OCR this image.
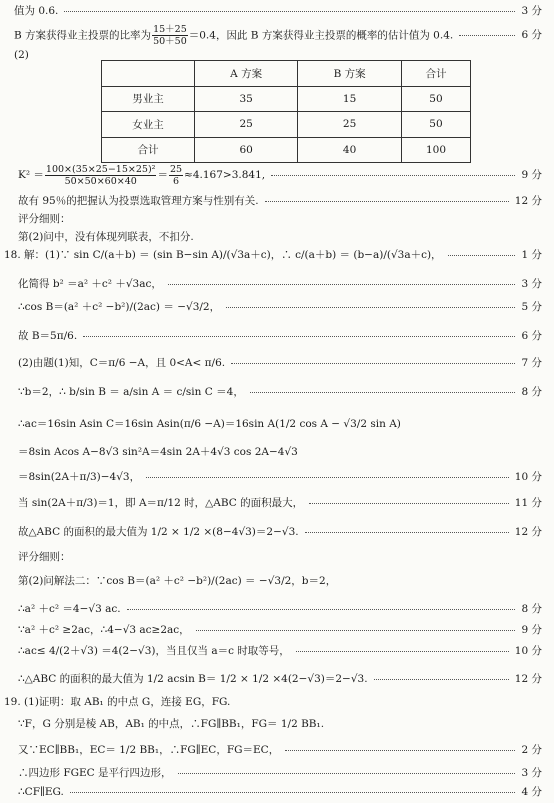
值为 0.6.	3 分
B 方案获得业主投票的比率为 $\frac{15+25}{50+50} =0.4$，因此 B 方案获得业主投票的概率的估计值为 0.4.	6 分
(2)
	A 方案	B 方案	合计
男业主	35	15	50
女业主	25	25	50
合计	60	40	100
$K^2 = \frac{\text{100×(35×25−15×25)²}}{50\times 50\times 60\times 40} = \frac{25}{6} \approx 4.167>3.841$,	9 分
故有 95％的把握认为投票选取管理方案与性别有关.	12 分
评分细则：
第(2)问中，没有体现列联表，不扣分.
18. 解：(1)∵ sin C/(a＋b) ＝ (sin B−sin A)/(√3a＋c)，∴ c/(a＋b) ＝ (b−a)/(√3a＋c)，	1 分
化简得 b² ＝a² ＋c² ＋√3ac，	3 分
∴cos B＝(a² ＋c² −b²)/(2ac) ＝ −√3/2，	5 分
故 B＝5π/6.	6 分
(2)由题(1)知，C＝π/6 −A，且 0<A< π/6.	7 分
∵b＝2，∴ b/sin B ＝ a/sin A ＝ c/sin C ＝4，	8 分
∴ac＝16sin Asin C＝16sin Asin(π/6 −A)＝16sin A(1/2 cos A − √3/2 sin A)
＝8sin Acos A−8√3 sin²A＝4sin 2A＋4√3 cos 2A−4√3
＝8sin(2A＋π/3)−4√3，	10 分
当 sin(2A＋π/3)＝1，即 A＝π/12 时，△ABC 的面积最大，	11 分
故△ABC 的面积的最大值为 1/2 × 1/2 ×(8−4√3)＝2−√3.	12 分
评分细则：
第(2)问解法二：∵cos B＝(a² ＋c² −b²)/(2ac) ＝ −√3/2，b＝2，
∴a² ＋c² ＝4−√3 ac.	8 分
∵a² ＋c² ≥2ac，∴4−√3 ac≥2ac，	9 分
∴ac≤ 4/(2＋√3) ＝4(2−√3)，当且仅当 a＝c 时取等号，	10 分
∴△ABC 的面积的最大值为 1/2 acsin B＝ 1/2 × 1/2 ×4(2−√3)＝2−√3.	12 分
19. (1)证明：取 AB₁ 的中点 G，连接 EG，FG.
∵F，G 分别是棱 AB，AB₁ 的中点，∴FG∥BB₁，FG＝ 1/2 BB₁.
又∵EC∥BB₁，EC＝ 1/2 BB₁，∴FG∥EC，FG＝EC，	2 分
∴四边形 FGEC 是平行四边形，	3 分
∴CF∥EG.	4 分
